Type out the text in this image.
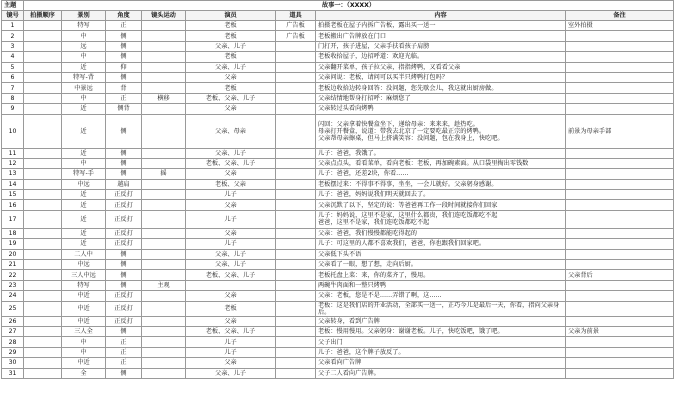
主题	故事一：（XXXX）							
镜号	拍摄顺序	景别	角度	镜头运动	演员	道具	内容	备注
1		特写	正		老板	广告板	拍摄老板在屋子内拆广告板，露出买一送一	室外拍摄
2		中	侧		老板	广告板	老板搬出广告牌放在门口	

3		远	侧		父亲、儿子		门打开，孩子进屋，父亲手扶看孩子肩膀	

4		中	侧		老板		老板收拾屋子，边招呼道：欢迎光临。	

5		近	仰		父亲、儿子		父亲翻开菜单，孩子拉父亲，指指烤鸭，又看看父亲	

6		特写-背	侧		父亲		父亲问说：老板，请问可以买半只烤鸭打包吗？	

7		中景远	背		老板		老板边收拾边转身回答：没问题，您先歇会儿，我这就出厨房做。	

8		中	正	横移	老板、父亲、儿子		父亲结情地帮身打招呼：麻烦您了	

9		近	侧背		父亲		父亲转过头看向烤鸭	

10		近	侧		父亲、母亲		闪回：父亲拿着快餐盒坐下，递给母亲：来来来，趁热吃。
母亲打开餐盒，说道：带我去北京了一定要吃最正宗的烤鸭。
父亲帮母亲擦桌，但马上挤满笑容：没问题，包在我身上，快吃吧。	前景为母亲手部
11		近	侧		父亲、儿子		儿子：爸爸，我饿了。	

12		中	侧		老板、父亲、儿子		父亲点点头，看看菜单，看向老板：老板，再加碗素面。从口袋里掏出零钱数	

13		特写-手	侧	摇	父亲		儿子：爸爸，还差2块，你看……	

14		中远	越肩		老板、父亲		老板摆过来：不得事不得事，坐坐，一会儿就好。父亲躬身感谢。	

15		近	正反打		儿子		儿子：爸爸，妈妈说我们明天就回去了。	

16		近	正反打		父亲		父亲沉默了以下，坚定的说：等爸爸再工作一段时间就接你们回家	

17		近	正反打		儿子		儿子：妈妈说，这里不是家，这里什么都贵，我们连吃饭都吃不起
爸爸，这里不是家，我们连吃饭都吃不起	

18		近	正反打		父亲		父亲：爸爸，我们慢慢都能吃得起的	

19		近	正反打		儿子		儿子：可这里的人都不喜欢我们，爸爸，你也跟我们回家吧。	

20		二人中	侧		父亲、儿子		父亲低下头不语	

21		中远	侧		父亲、儿子		父亲看了一眼，想了想，走向后厨。	

22		三人中远	侧		老板、父亲、儿子		老板托盘上菜：来，你的菜齐了，慢用。	父亲背后
23		特写	侧	主观			两碗牛肉面和一整只烤鸭	

24		中近	正反打		父亲		父亲：老板，您是不是……弄错了啊，这……	

25		中近	正反打		老板		老板：这是我们店的开业活动，全部买一送一，正巧今儿是最后一天，你看，指向父亲身后。	

26		中近	正反打		父亲		父亲转身，看到广告牌	

27		三人全	侧		老板、父亲、儿子		老板：慢用慢用。父亲躬身：谢谢老板。儿子，快吃饭吧，饿了吧。	父亲为前景
28		中	正		儿子		父子出门	

29		中	正		儿子		儿子：爸爸，这个牌子放反了。	

30		中近	正		父亲		父亲看向广告牌	

31		全	侧		父亲、儿子		父子二人看向广告牌。	
